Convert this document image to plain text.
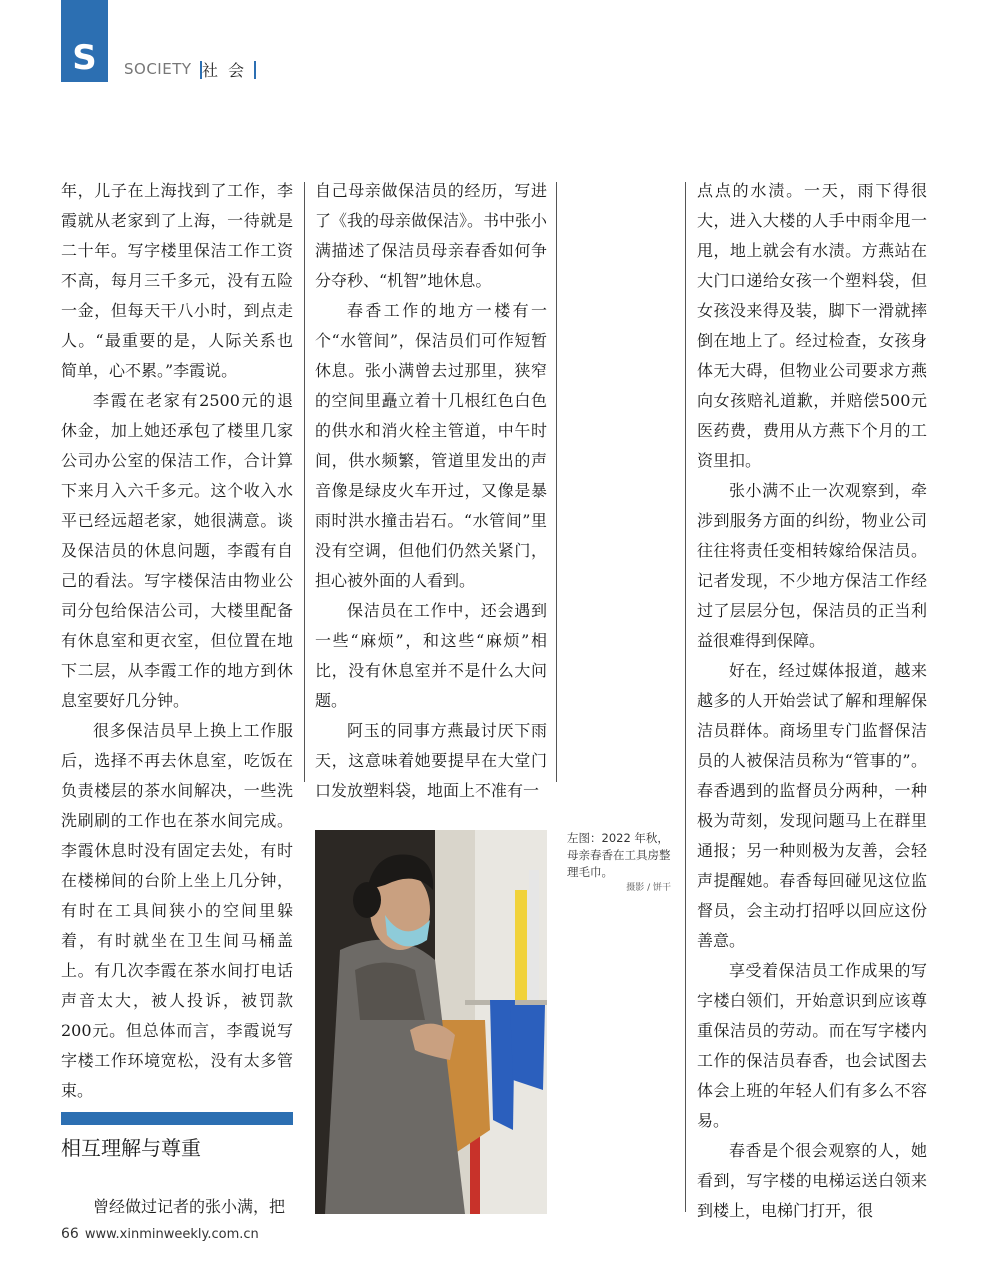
S	SOCIETY 社会

年，儿子在上海找到了工作，李霞就从老家到了上海，一待就是二十年。写字楼里保洁工作工资不高，每月三千多元，没有五险一金，但每天干八小时，到点走人。“最重要的是，人际关系也简单，心不累。”李霞说。

李霞在老家有2500元的退休金，加上她还承包了楼里几家公司办公室的保洁工作，合计算下来月入六千多元。这个收入水平已经远超老家，她很满意。谈及保洁员的休息问题，李霞有自己的看法。写字楼保洁由物业公司分包给保洁公司，大楼里配备有休息室和更衣室，但位置在地下二层，从李霞工作的地方到休息室要好几分钟。

很多保洁员早上换上工作服后，选择不再去休息室，吃饭在负责楼层的茶水间解决，一些洗洗刷刷的工作也在茶水间完成。李霞休息时没有固定去处，有时在楼梯间的台阶上坐上几分钟，有时在工具间狭小的空间里躲着，有时就坐在卫生间马桶盖上。有几次李霞在茶水间打电话声音太大，被人投诉，被罚款200元。但总体而言，李霞说写字楼工作环境宽松，没有太多管束。

相互理解与尊重

曾经做过记者的张小满，把

自己母亲做保洁员的经历，写进了《我的母亲做保洁》。书中张小满描述了保洁员母亲春香如何争分夺秒、“机智”地休息。

春香工作的地方一楼有一个“水管间”，保洁员们可作短暂休息。张小满曾去过那里，狭窄的空间里矗立着十几根红色白色的供水和消火栓主管道，中午时间，供水频繁，管道里发出的声音像是绿皮火车开过，又像是暴雨时洪水撞击岩石。“水管间”里没有空调，但他们仍然关紧门，担心被外面的人看到。

保洁员在工作中，还会遇到一些“麻烦”，和这些“麻烦”相比，没有休息室并不是什么大问题。

阿玉的同事方燕最讨厌下雨天，这意味着她要提早在大堂门口发放塑料袋，地面上不准有一

左图：2022 年秋，母亲春香在工具房整理毛巾。
摄影 / 饼干

点点的水渍。一天，雨下得很大，进入大楼的人手中雨伞甩一甩，地上就会有水渍。方燕站在大门口递给女孩一个塑料袋，但女孩没来得及装，脚下一滑就摔倒在地上了。经过检查，女孩身体无大碍，但物业公司要求方燕向女孩赔礼道歉，并赔偿500元医药费，费用从方燕下个月的工资里扣。

张小满不止一次观察到，牵涉到服务方面的纠纷，物业公司往往将责任变相转嫁给保洁员。记者发现，不少地方保洁工作经过了层层分包，保洁员的正当利益很难得到保障。

好在，经过媒体报道，越来越多的人开始尝试了解和理解保洁员群体。商场里专门监督保洁员的人被保洁员称为“管事的”。春香遇到的监督员分两种，一种极为苛刻，发现问题马上在群里通报；另一种则极为友善，会轻声提醒她。春香每回碰见这位监督员，会主动打招呼以回应这份善意。

享受着保洁员工作成果的写字楼白领们，开始意识到应该尊重保洁员的劳动。而在写字楼内工作的保洁员春香，也会试图去体会上班的年轻人们有多么不容易。

春香是个很会观察的人，她看到，写字楼的电梯运送白领来到楼上，电梯门打开，很

66 www.xinminweekly.com.cn
